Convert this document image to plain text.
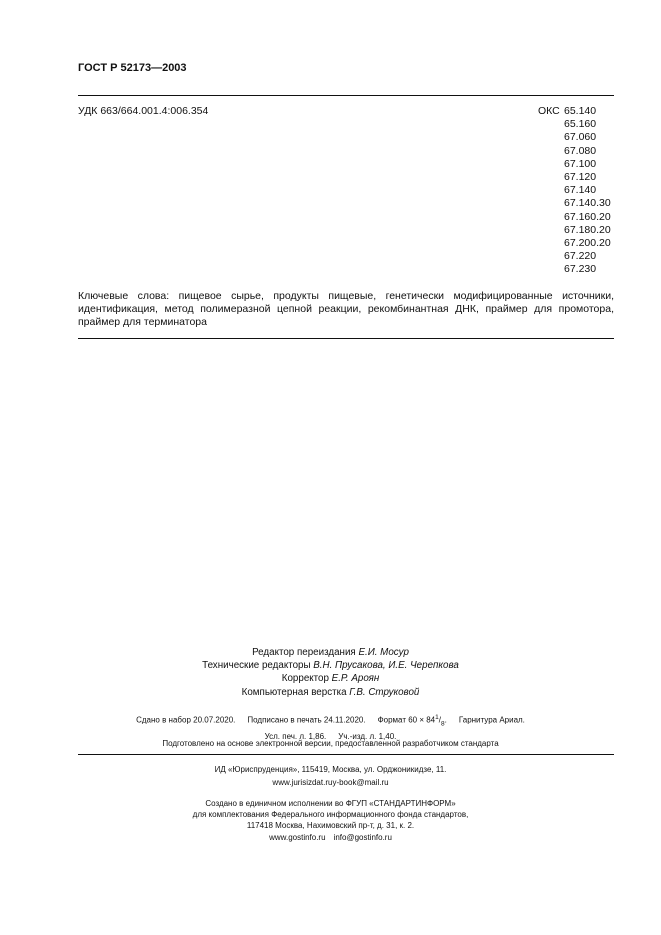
ГОСТ Р 52173—2003
УДК 663/664.001.4:006.354	ОКС 65.140
65.160
67.060
67.080
67.100
67.120
67.140
67.140.30
67.160.20
67.180.20
67.200.20
67.220
67.230
Ключевые слова: пищевое сырье, продукты пищевые, генетически модифицированные источники, идентификация, метод полимеразной цепной реакции, рекомбинантная ДНК, праймер для промотора, праймер для терминатора
Редактор переиздания Е.И. Мосур
Технические редакторы В.Н. Прусакова, И.Е. Черепкова
Корректор Е.Р. Ароян
Компьютерная верстка Г.В. Струковой
Сдано в набор 20.07.2020. Подписано в печать 24.11.2020. Формат $60 \times 84^1/_8$. Гарнитура Ариал.
Усл. печ. л. 1,86. Уч.-изд. л. 1,40.
Подготовлено на основе электронной версии, предоставленной разработчиком стандарта
ИД «Юриспруденция», 115419, Москва, ул. Орджоникидзе, 11.
www.jurisizdat.ruy-book@mail.ru
Создано в единичном исполнении во ФГУП «СТАНДАРТИНФОРМ»
для комплектования Федерального информационного фонда стандартов,
117418 Москва, Нахимовский пр-т, д. 31, к. 2.
www.gostinfo.ru info@gostinfo.ru
